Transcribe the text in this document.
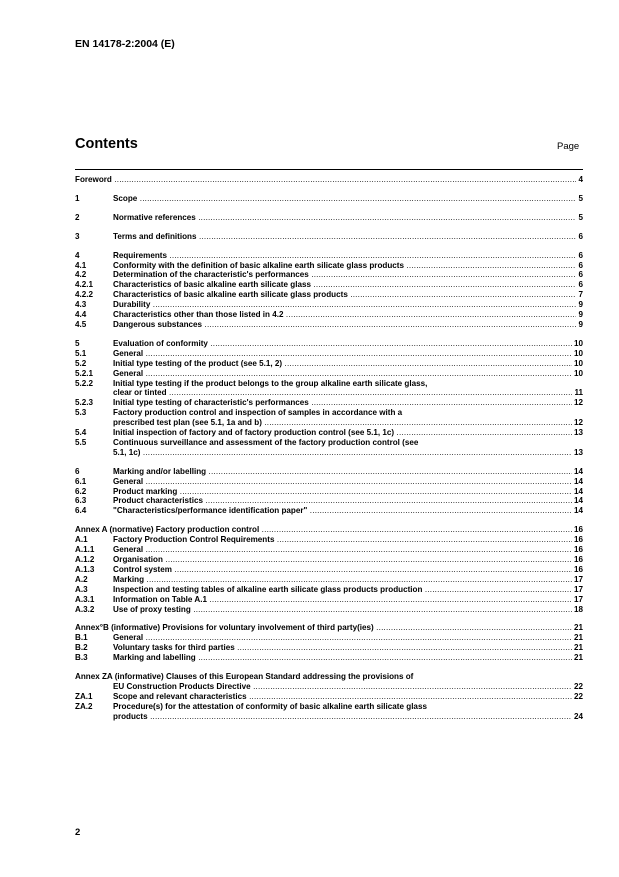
EN 14178-2:2004 (E)
Contents	Page
Foreword .....	4
1	Scope .....	5
2	Normative references .....	5
3	Terms and definitions .....	6
4	Requirements .....	6
4.1	Conformity with the definition of basic alkaline earth silicate glass products .....	6
4.2	Determination of the characteristic's performances .....	6
4.2.1	Characteristics of basic alkaline earth silicate glass .....	6
4.2.2	Characteristics of basic alkaline earth silicate glass products .....	7
4.3	Durability .....	9
4.4	Characteristics other than those listed in 4.2 .....	9
4.5	Dangerous substances .....	9
5	Evaluation of conformity .....	10
5.1	General .....	10
5.2	Initial type testing of the product (see 5.1, 2) .....	10
5.2.1	General .....	10
5.2.2	Initial type testing if the product belongs to the group alkaline earth silicate glass,
clear or tinted .....	11
5.2.3	Initial type testing of characteristic's performances .....	12
5.3	Factory production control and inspection of samples in accordance with a
prescribed test plan (see 5.1, 1a and b) .....	12
5.4	Initial inspection of factory and of factory production control (see 5.1, 1c) .....	13
5.5	Continuous surveillance and assessment of the factory production control (see
5.1, 1c) .....	13
6	Marking and/or labelling .....	14
6.1	General .....	14
6.2	Product marking .....	14
6.3	Product characteristics .....	14
6.4	"Characteristics/performance identification paper" .....	14
Annex A (normative) Factory production control .....	16
A.1	Factory Production Control Requirements .....	16
A.1.1	General .....	16
A.1.2	Organisation .....	16
A.1.3	Control system .....	16
A.2	Marking .....	17
A.3	Inspection and testing tables of alkaline earth silicate glass products production .....	17
A.3.1	Information on Table A.1 .....	17
A.3.2	Use of proxy testing .....	18
Annex°B (informative) Provisions for voluntary involvement of third party(ies) .....	21
B.1	General .....	21
B.2	Voluntary tasks for third parties .....	21
B.3	Marking and labelling .....	21
Annex ZA (informative) Clauses of this European Standard addressing the provisions of
EU Construction Products Directive .....	22
ZA.1	Scope and relevant characteristics .....	22
ZA.2	Procedure(s) for the attestation of conformity of basic alkaline earth silicate glass
products .....	24
2
